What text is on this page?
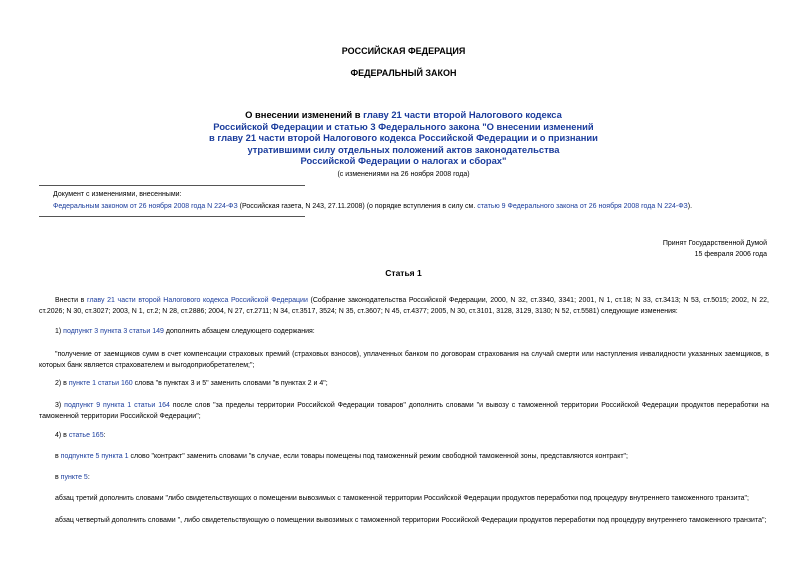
РОССИЙСКАЯ ФЕДЕРАЦИЯ
ФЕДЕРАЛЬНЫЙ ЗАКОН
О внесении изменений в главу 21 части второй Налогового кодекса
Российской Федерации и статью 3 Федерального закона "О внесении изменений
в главу 21 части второй Налогового кодекса Российской Федерации и о признании
утратившими силу отдельных положений актов законодательства
Российской Федерации о налогах и сборах"
(с изменениями на 26 ноября 2008 года)
Документ с изменениями, внесенными:
Федеральным законом от 26 ноября 2008 года N 224-ФЗ (Российская газета, N 243, 27.11.2008) (о порядке вступления в силу см. статью 9 Федерального закона от 26 ноября 2008 года N 224-ФЗ).
Принят Государственной Думой
15 февраля 2006 года
Статья 1
Внести в главу 21 части второй Налогового кодекса Российской Федерации (Собрание законодательства Российской Федерации, 2000, N 32, ст.3340, 3341; 2001, N 1, ст.18; N 33, ст.3413; N 53, ст.5015; 2002, N 22, ст.2026; N 30, ст.3027; 2003, N 1, ст.2; N 28, ст.2886; 2004, N 27, ст.2711; N 34, ст.3517, 3524; N 35, ст.3607; N 45, ст.4377; 2005, N 30, ст.3101, 3128, 3129, 3130; N 52, ст.5581) следующие изменения:
1) подпункт 3 пункта 3 статьи 149 дополнить абзацем следующего содержания:
"получение от заемщиков сумм в счет компенсации страховых премий (страховых взносов), уплаченных банком по договорам страхования на случай смерти или наступления инвалидности указанных заемщиков, в которых банк является страхователем и выгодоприобретателем;";
2) в пункте 1 статьи 160 слова "в пунктах 3 и 5" заменить словами "в пунктах 2 и 4";
3) подпункт 9 пункта 1 статьи 164 после слов "за пределы территории Российской Федерации товаров" дополнить словами "и вывозу с таможенной территории Российской Федерации продуктов переработки на таможенной территории Российской Федерации";
4) в статье 165:
в подпункте 5 пункта 1 слово "контракт" заменить словами "в случае, если товары помещены под таможенный режим свободной таможенной зоны, представляются контракт";
в пункте 5:
абзац третий дополнить словами "либо свидетельствующих о помещении вывозимых с таможенной территории Российской Федерации продуктов переработки под процедуру внутреннего таможенного транзита";
абзац четвертый дополнить словами ", либо свидетельствующую о помещении вывозимых с таможенной территории Российской Федерации продуктов переработки под процедуру внутреннего таможенного транзита";
